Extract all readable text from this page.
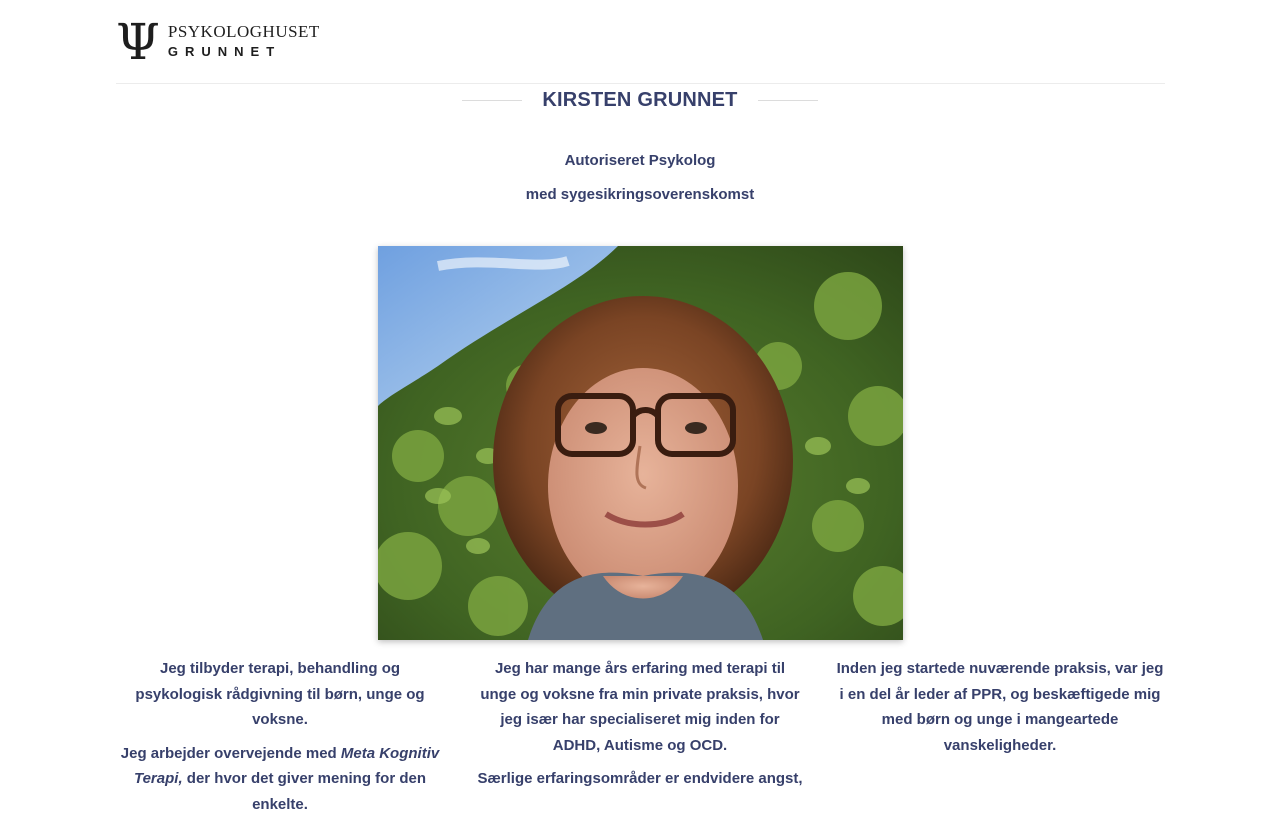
Ψ PSYKOLOGHUSET
GRUNNET
KIRSTEN GRUNNET
Autoriseret Psykolog
med sygesikringsoverenskomst

Jeg tilbyder terapi, behandling og psykologisk rådgivning til børn, unge og voksne.

Jeg arbejder overvejende med Meta Kognitiv Terapi, der hvor det giver mening for den enkelte.

Jeg har mange års erfaring med terapi til unge og voksne fra min private praksis, hvor jeg især har specialiseret mig inden for ADHD, Autisme og OCD.

Særlige erfaringsområder er endvidere angst,

Inden jeg startede nuværende praksis, var jeg i en del år leder af PPR, og beskæftigede mig med børn og unge i mangeartede vanskeligheder.
